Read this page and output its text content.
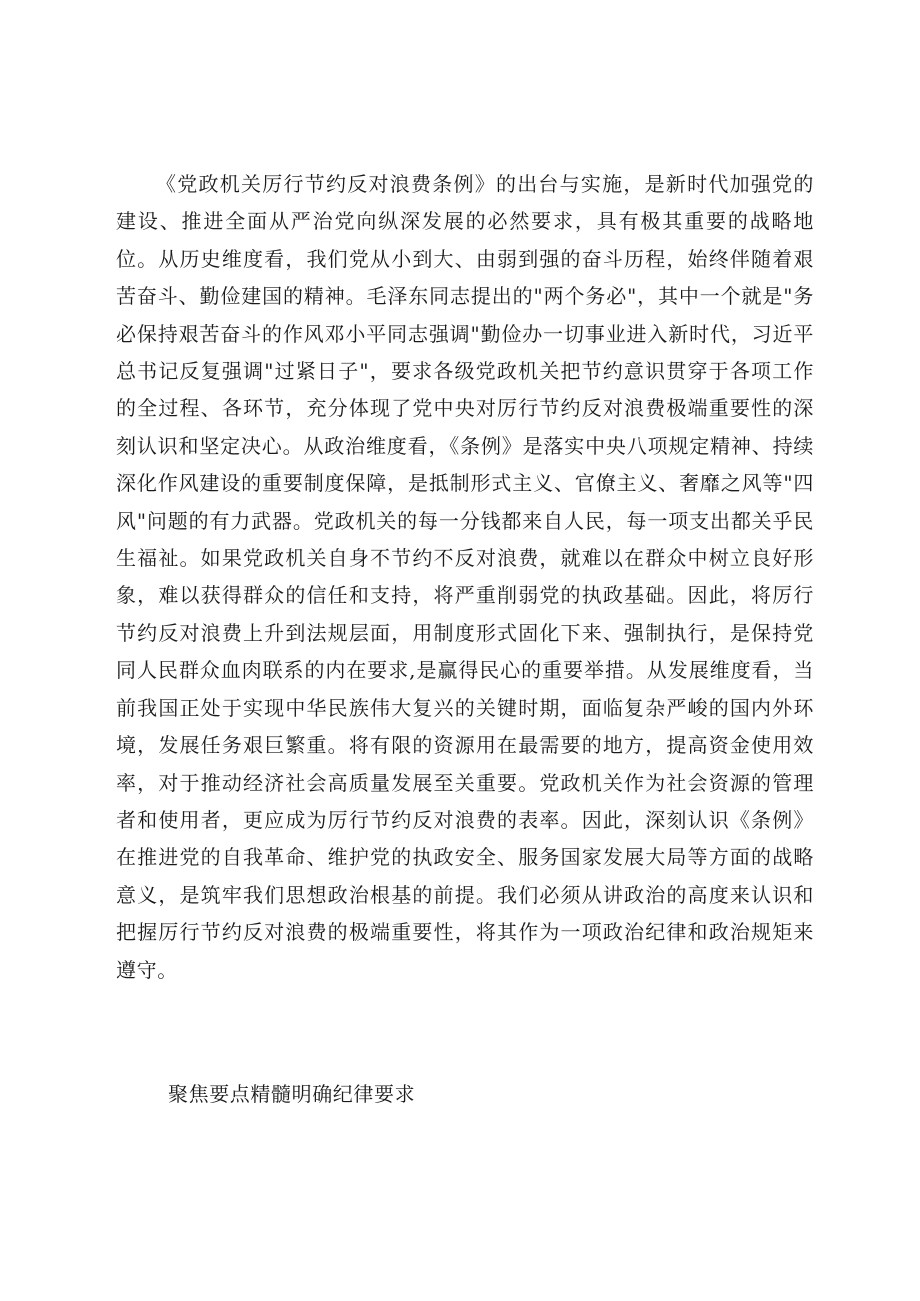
《党政机关厉行节约反对浪费条例》的出台与实施，是新时代加强党的建设、推进全面从严治党向纵深发展的必然要求，具有极其重要的战略地位。从历史维度看，我们党从小到大、由弱到强的奋斗历程，始终伴随着艰苦奋斗、勤俭建国的精神。毛泽东同志提出的"两个务必"，其中一个就是"务必保持艰苦奋斗的作风邓小平同志强调"勤俭办一切事业进入新时代，习近平总书记反复强调"过紧日子"，要求各级党政机关把节约意识贯穿于各项工作的全过程、各环节，充分体现了党中央对厉行节约反对浪费极端重要性的深刻认识和坚定决心。从政治维度看，《条例》是落实中央八项规定精神、持续深化作风建设的重要制度保障，是抵制形式主义、官僚主义、奢靡之风等"四风"问题的有力武器。党政机关的每一分钱都来自人民，每一项支出都关乎民生福祉。如果党政机关自身不节约不反对浪费，就难以在群众中树立良好形象，难以获得群众的信任和支持，将严重削弱党的执政基础。因此，将厉行节约反对浪费上升到法规层面，用制度形式固化下来、强制执行，是保持党同人民群众血肉联系的内在要求,是赢得民心的重要举措。从发展维度看，当前我国正处于实现中华民族伟大复兴的关键时期，面临复杂严峻的国内外环境，发展任务艰巨繁重。将有限的资源用在最需要的地方，提高资金使用效率，对于推动经济社会高质量发展至关重要。党政机关作为社会资源的管理者和使用者，更应成为厉行节约反对浪费的表率。因此，深刻认识《条例》在推进党的自我革命、维护党的执政安全、服务国家发展大局等方面的战略意义，是筑牢我们思想政治根基的前提。我们必须从讲政治的高度来认识和把握厉行节约反对浪费的极端重要性，将其作为一项政治纪律和政治规矩来遵守。

聚焦要点精髓明确纪律要求
